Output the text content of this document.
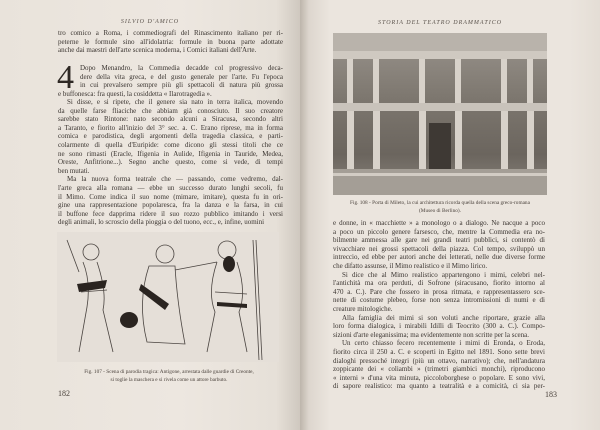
SILVIO D'AMICO
tro comico a Roma, i commediografi del Rinascimento italiano per ri-
peterne le formule sino all'idolatria: formule in buona parte adottate
anche dai maestri dell'arte scenica moderna, i Comici italiani dell'Arte.
4 Dopo Menandro, la Commedia decadde col progressivo deca-
dere della vita greca, e del gusto generale per l'arte. Fu l'epoca
in cui prevalsero sempre più gli spettacoli di natura più grossa
e buffonesca: fra questi, la cosiddetta « Ilarotragedia ».
Si disse, e si ripete, che il genere sia nato in terra italica, movendo
da quelle farse fliaciche che abbiam già conosciuto. Il suo creatore
sarebbe stato Rintone: nato secondo alcuni a Siracusa, secondo altri
a Taranto, e fiorito all'inizio del 3° sec. a. C. Erano riprese, ma in forma
comica e parodistica, degli argomenti della tragedia classica, e parti-
colarmente di quella d'Euripide: come dicono gli stessi titoli che ce
ne sono rimasti (Eracle, Ifigenia in Aulide, Ifigenia in Tauride, Medea,
Oreste, Anfitrione...). Segno anche questo, come si vede, di tempi
ben mutati.
Ma la nuova forma teatrale che — passando, come vedremo, dal-
l'arte greca alla romana — ebbe un successo durato lunghi secoli, fu
il Mimo. Come indica il suo nome (mimare, imitare), questa fu in ori-
gine una rappresentazione popolaresca, fra la danza e la farsa, in cui
il buffone fece dapprima ridere il suo rozzo pubblico imitando i versi
degli animali, lo scroscio della pioggia o del tuono, ecc., e, infine, uomini
Fig. 107 - Scena di parodia tragica: Antigone, arrestata dalle guardie di Creonte,
si toglie la maschera e si rivela come un attore barbuto.
182
STORIA DEL TEATRO DRAMMATICO
Fig. 108 - Porta di Mileto, la cui architettura ricorda quella della scena greco-romana
(Museo di Berlino).
e donne, in « macchiette » a monologo o a dialogo. Ne nacque a poco
a poco un piccolo genere farsesco, che, mentre la Commedia era no-
bilmente ammessa alle gare nei grandi teatri pubblici, si contentò di
vivacchiare nei grossi spettacoli della piazza. Col tempo, sviluppò un
intreccio, ed ebbe per autori anche dei letterati, nelle due diverse forme
che difatto assunse, il Mimo realistico e il Mimo lirico.
Si dice che al Mimo realistico appartengono i mimi, celebri nel-
l'antichità ma ora perduti, di Sofrone (siracusano, fiorito intorno al
470 a. C.). Pare che fossero in prosa ritmata, e rappresentassero sce-
nette di costume plebeo, forse non senza intromissioni di numi e di
creature mitologiche.
Alla famiglia dei mimi si son voluti anche riportare, grazie alla
loro forma dialogica, i mirabili Idilli di Teocrito (300 a. C.). Compo-
sizioni d'arte eleganissima; ma evidentemente non scritte per la scena.
Un certo chiasso fecero recentemente i mimi di Eronda, o Eroda,
fiorito circa il 250 a. C. e scoperti in Egitto nel 1891. Sono sette brevi
dialoghi pressoché integri (più un ottavo, narrativo); che, nell'andatura
zoppicante dei « coliambi » (trimetri giambici monchi), riproducono
« interni » d'una vita minuta, piccoloborghese o popolare. E sono vivi,
di sapore realistico: ma quanto a teatralità e a comicità, ci sia per-
183
